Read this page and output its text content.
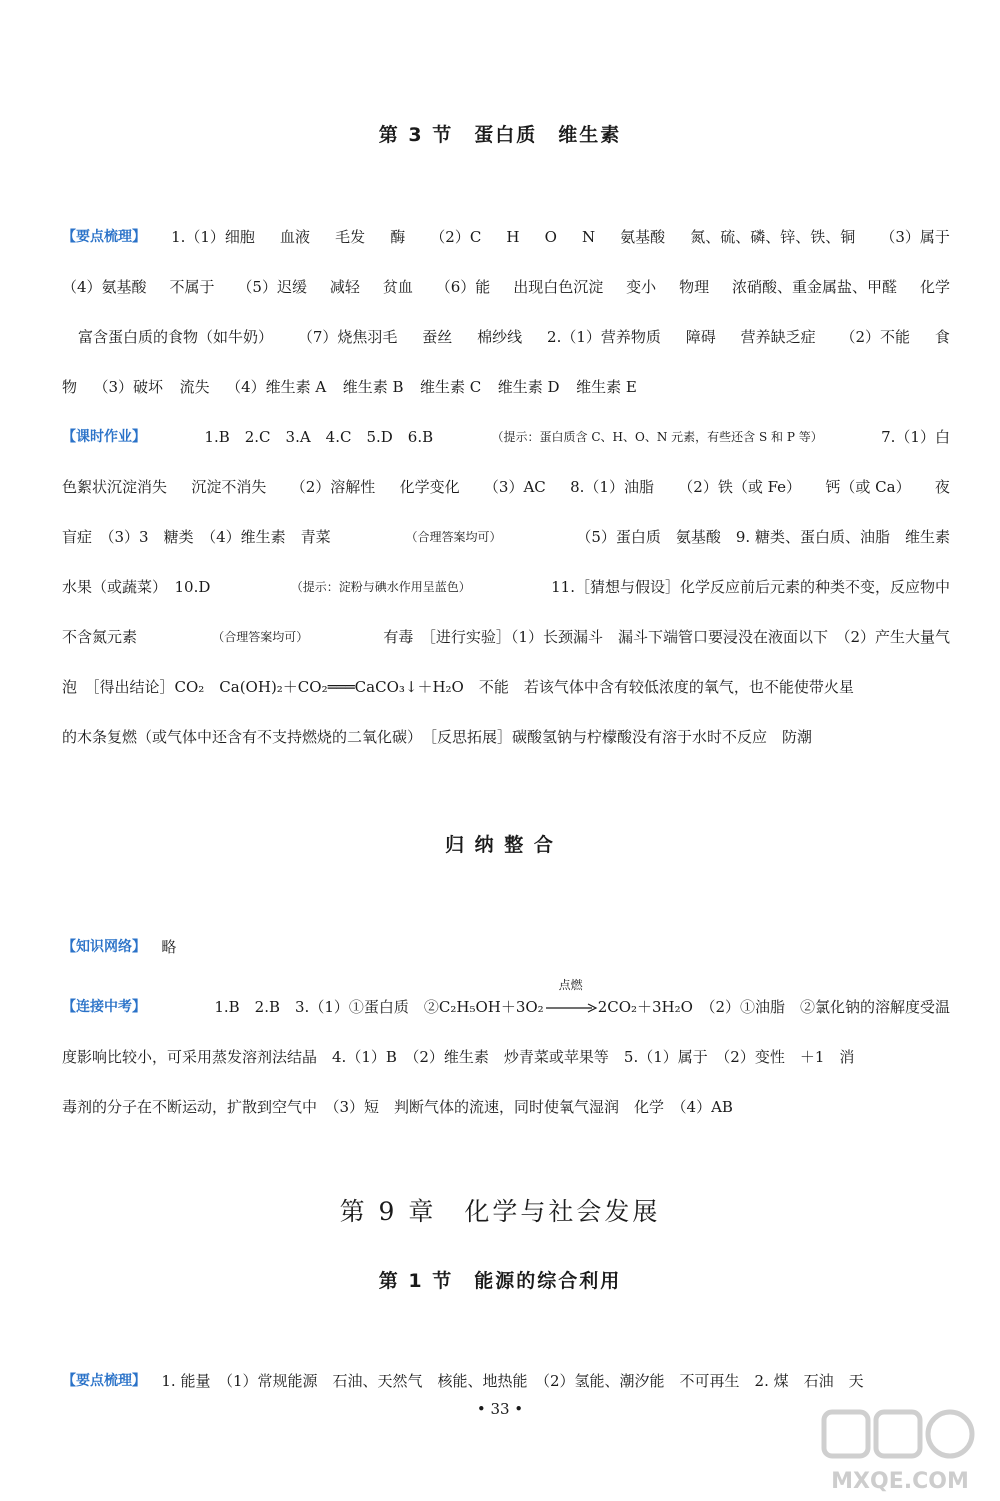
第 3 节　蛋白质　维生素
【要点梳理】 1.（1）细胞 血液 毛发 酶 （2）C H O N 氨基酸 氮、硫、磷、锌、铁、铜 （3）属于
（4）氨基酸 不属于 （5）迟缓 减轻 贫血 （6）能 出现白色沉淀 变小 物理 浓硝酸、重金属盐、甲醛 化学
富含蛋白质的食物（如牛奶） （7）烧焦羽毛 蚕丝 棉纱线 2.（1）营养物质 障碍 营养缺乏症 （2）不能 食
物 （3）破坏 流失 （4）维生素 A 维生素 B 维生素 C 维生素 D 维生素 E
【课时作业】	1.B　2.C　3.A　4.C　5.D　6.B	（提示：蛋白质含 C、H、O、N 元素，有些还含 S 和 P 等）	7.（1）白
色絮状沉淀消失 沉淀不消失 （2）溶解性 化学变化 （3）AC 8.（1）油脂 （2）铁（或 Fe） 钙（或 Ca） 夜
盲症　（3）3　糖类　（4）维生素　青菜	（合理答案均可）	（5）蛋白质　氨基酸　9. 糖类、蛋白质、油脂　维生素
水果（或蔬菜）　10.D	（提示：淀粉与碘水作用呈蓝色）	11.［猜想与假设］化学反应前后元素的种类不变，反应物中
不含氮元素	（合理答案均可）	有毒　［进行实验］（1）长颈漏斗　漏斗下端管口要浸没在液面以下　（2）产生大量气
泡　［得出结论］CO₂　Ca(OH)₂＋CO₂═══CaCO₃↓＋H₂O　不能　若该气体中含有较低浓度的氧气，也不能使带火星
的木条复燃（或气体中还含有不支持燃烧的二氧化碳）　［反思拓展］碳酸氢钠与柠檬酸没有溶于水时不反应　防潮
归 纳 整 合
【知识网络】 略
【连接中考】	1.B　2.B　3.（1）①蛋白质　②C₂H₅OH＋3O₂
点燃
2CO₂＋3H₂O　（2）①油脂　②氯化钠的溶解度受温
度影响比较小，可采用蒸发溶剂法结晶　4.（1）B　（2）维生素　炒青菜或苹果等　5.（1）属于　（2）变性　＋1　消
毒剂的分子在不断运动，扩散到空气中　（3）短　判断气体的流速，同时使氧气湿润　化学　（4）AB
第 9 章　化学与社会发展
第 1 节　能源的综合利用
【要点梳理】 1. 能量　（1）常规能源　石油、天然气　核能、地热能　（2）氢能、潮汐能　不可再生　2. 煤　石油　天
• 33 •
MXQE.COM
